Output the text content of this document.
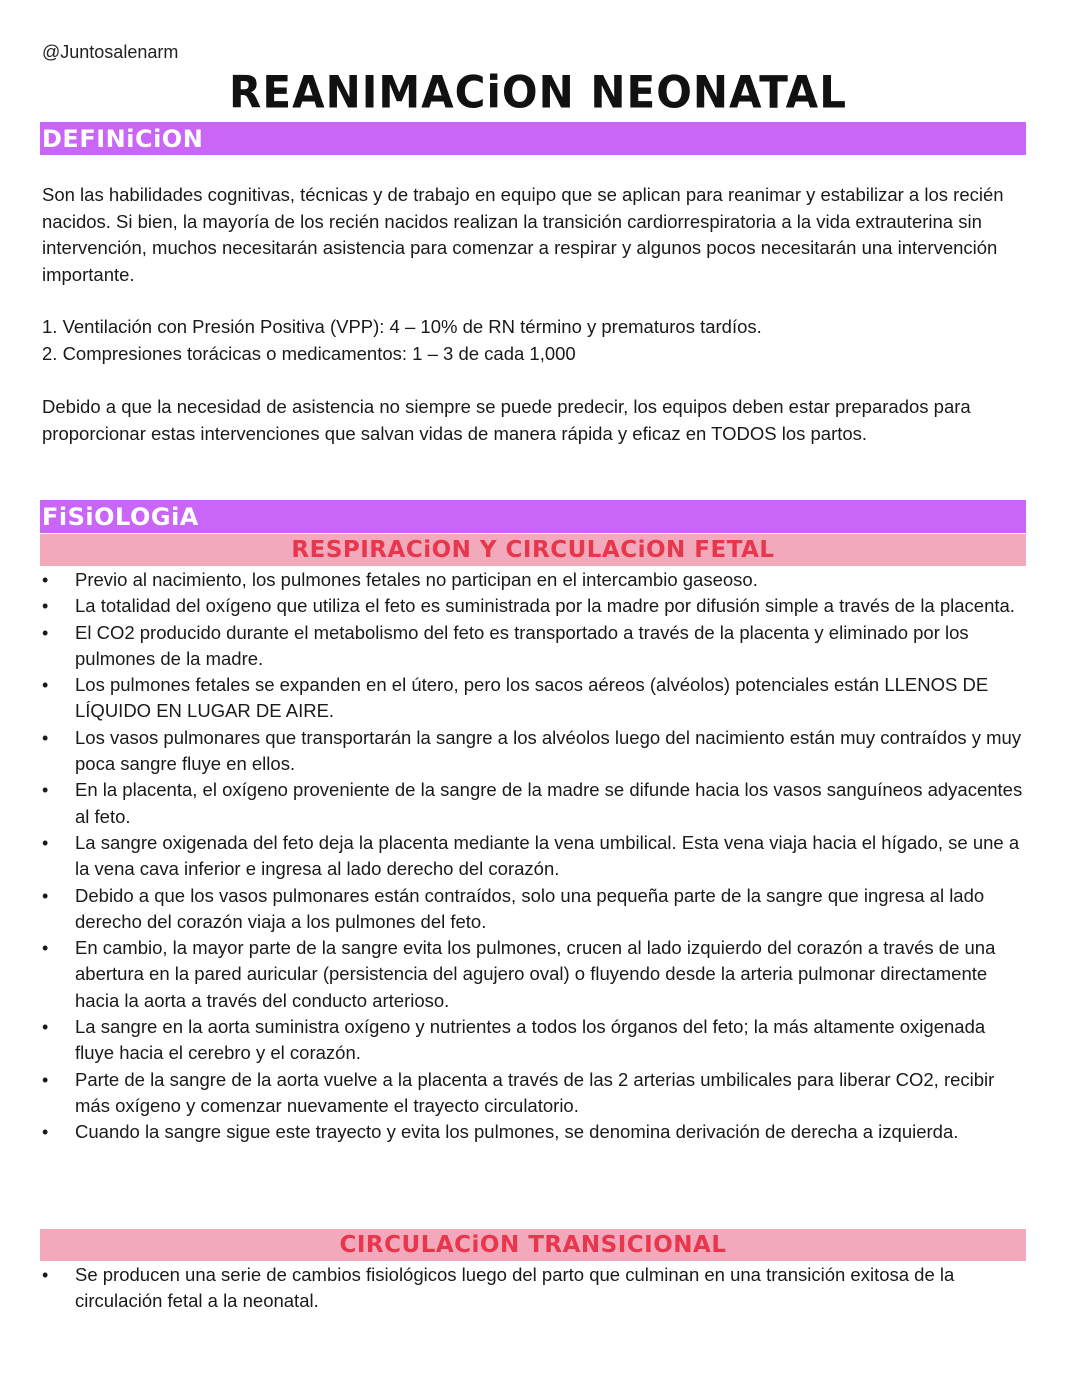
@Juntosalenarm
REANIMACiON NEONATAL
DEFINiCiON

Son las habilidades cognitivas, técnicas y de trabajo en equipo que se aplican para reanimar y estabilizar a los recién nacidos. Si bien, la mayoría de los recién nacidos realizan la transición cardiorrespiratoria a la vida extrauterina sin intervención, muchos necesitarán asistencia para comenzar a respirar y algunos pocos necesitarán una intervención importante.

1. Ventilación con Presión Positiva (VPP): 4 – 10% de RN término y prematuros tardíos.

2. Compresiones torácicas o medicamentos: 1 – 3 de cada 1,000

Debido a que la necesidad de asistencia no siempre se puede predecir, los equipos deben estar preparados para proporcionar estas intervenciones que salvan vidas de manera rápida y eficaz en TODOS los partos.

FiSiOLOGiA
RESPIRACiON Y CIRCULACiON FETAL
• Previo al nacimiento, los pulmones fetales no participan en el intercambio gaseoso.
• La totalidad del oxígeno que utiliza el feto es suministrada por la madre por difusión simple a través de la placenta.
• El CO2 producido durante el metabolismo del feto es transportado a través de la placenta y eliminado por los pulmones de la madre.
• Los pulmones fetales se expanden en el útero, pero los sacos aéreos (alvéolos) potenciales están LLENOS DE LÍQUIDO EN LUGAR DE AIRE.
• Los vasos pulmonares que transportarán la sangre a los alvéolos luego del nacimiento están muy contraídos y muy poca sangre fluye en ellos.
• En la placenta, el oxígeno proveniente de la sangre de la madre se difunde hacia los vasos sanguíneos adyacentes al feto.
• La sangre oxigenada del feto deja la placenta mediante la vena umbilical. Esta vena viaja hacia el hígado, se une a la vena cava inferior e ingresa al lado derecho del corazón.
• Debido a que los vasos pulmonares están contraídos, solo una pequeña parte de la sangre que ingresa al lado derecho del corazón viaja a los pulmones del feto.
• En cambio, la mayor parte de la sangre evita los pulmones, crucen al lado izquierdo del corazón a través de una abertura en la pared auricular (persistencia del agujero oval) o fluyendo desde la arteria pulmonar directamente hacia la aorta a través del conducto arterioso.
• La sangre en la aorta suministra oxígeno y nutrientes a todos los órganos del feto; la más altamente oxigenada fluye hacia el cerebro y el corazón.
• Parte de la sangre de la aorta vuelve a la placenta a través de las 2 arterias umbilicales para liberar CO2, recibir más oxígeno y comenzar nuevamente el trayecto circulatorio.
• Cuando la sangre sigue este trayecto y evita los pulmones, se denomina derivación de derecha a izquierda.
CIRCULACiON TRANSICIONAL
• Se producen una serie de cambios fisiológicos luego del parto que culminan en una transición exitosa de la circulación fetal a la neonatal.
